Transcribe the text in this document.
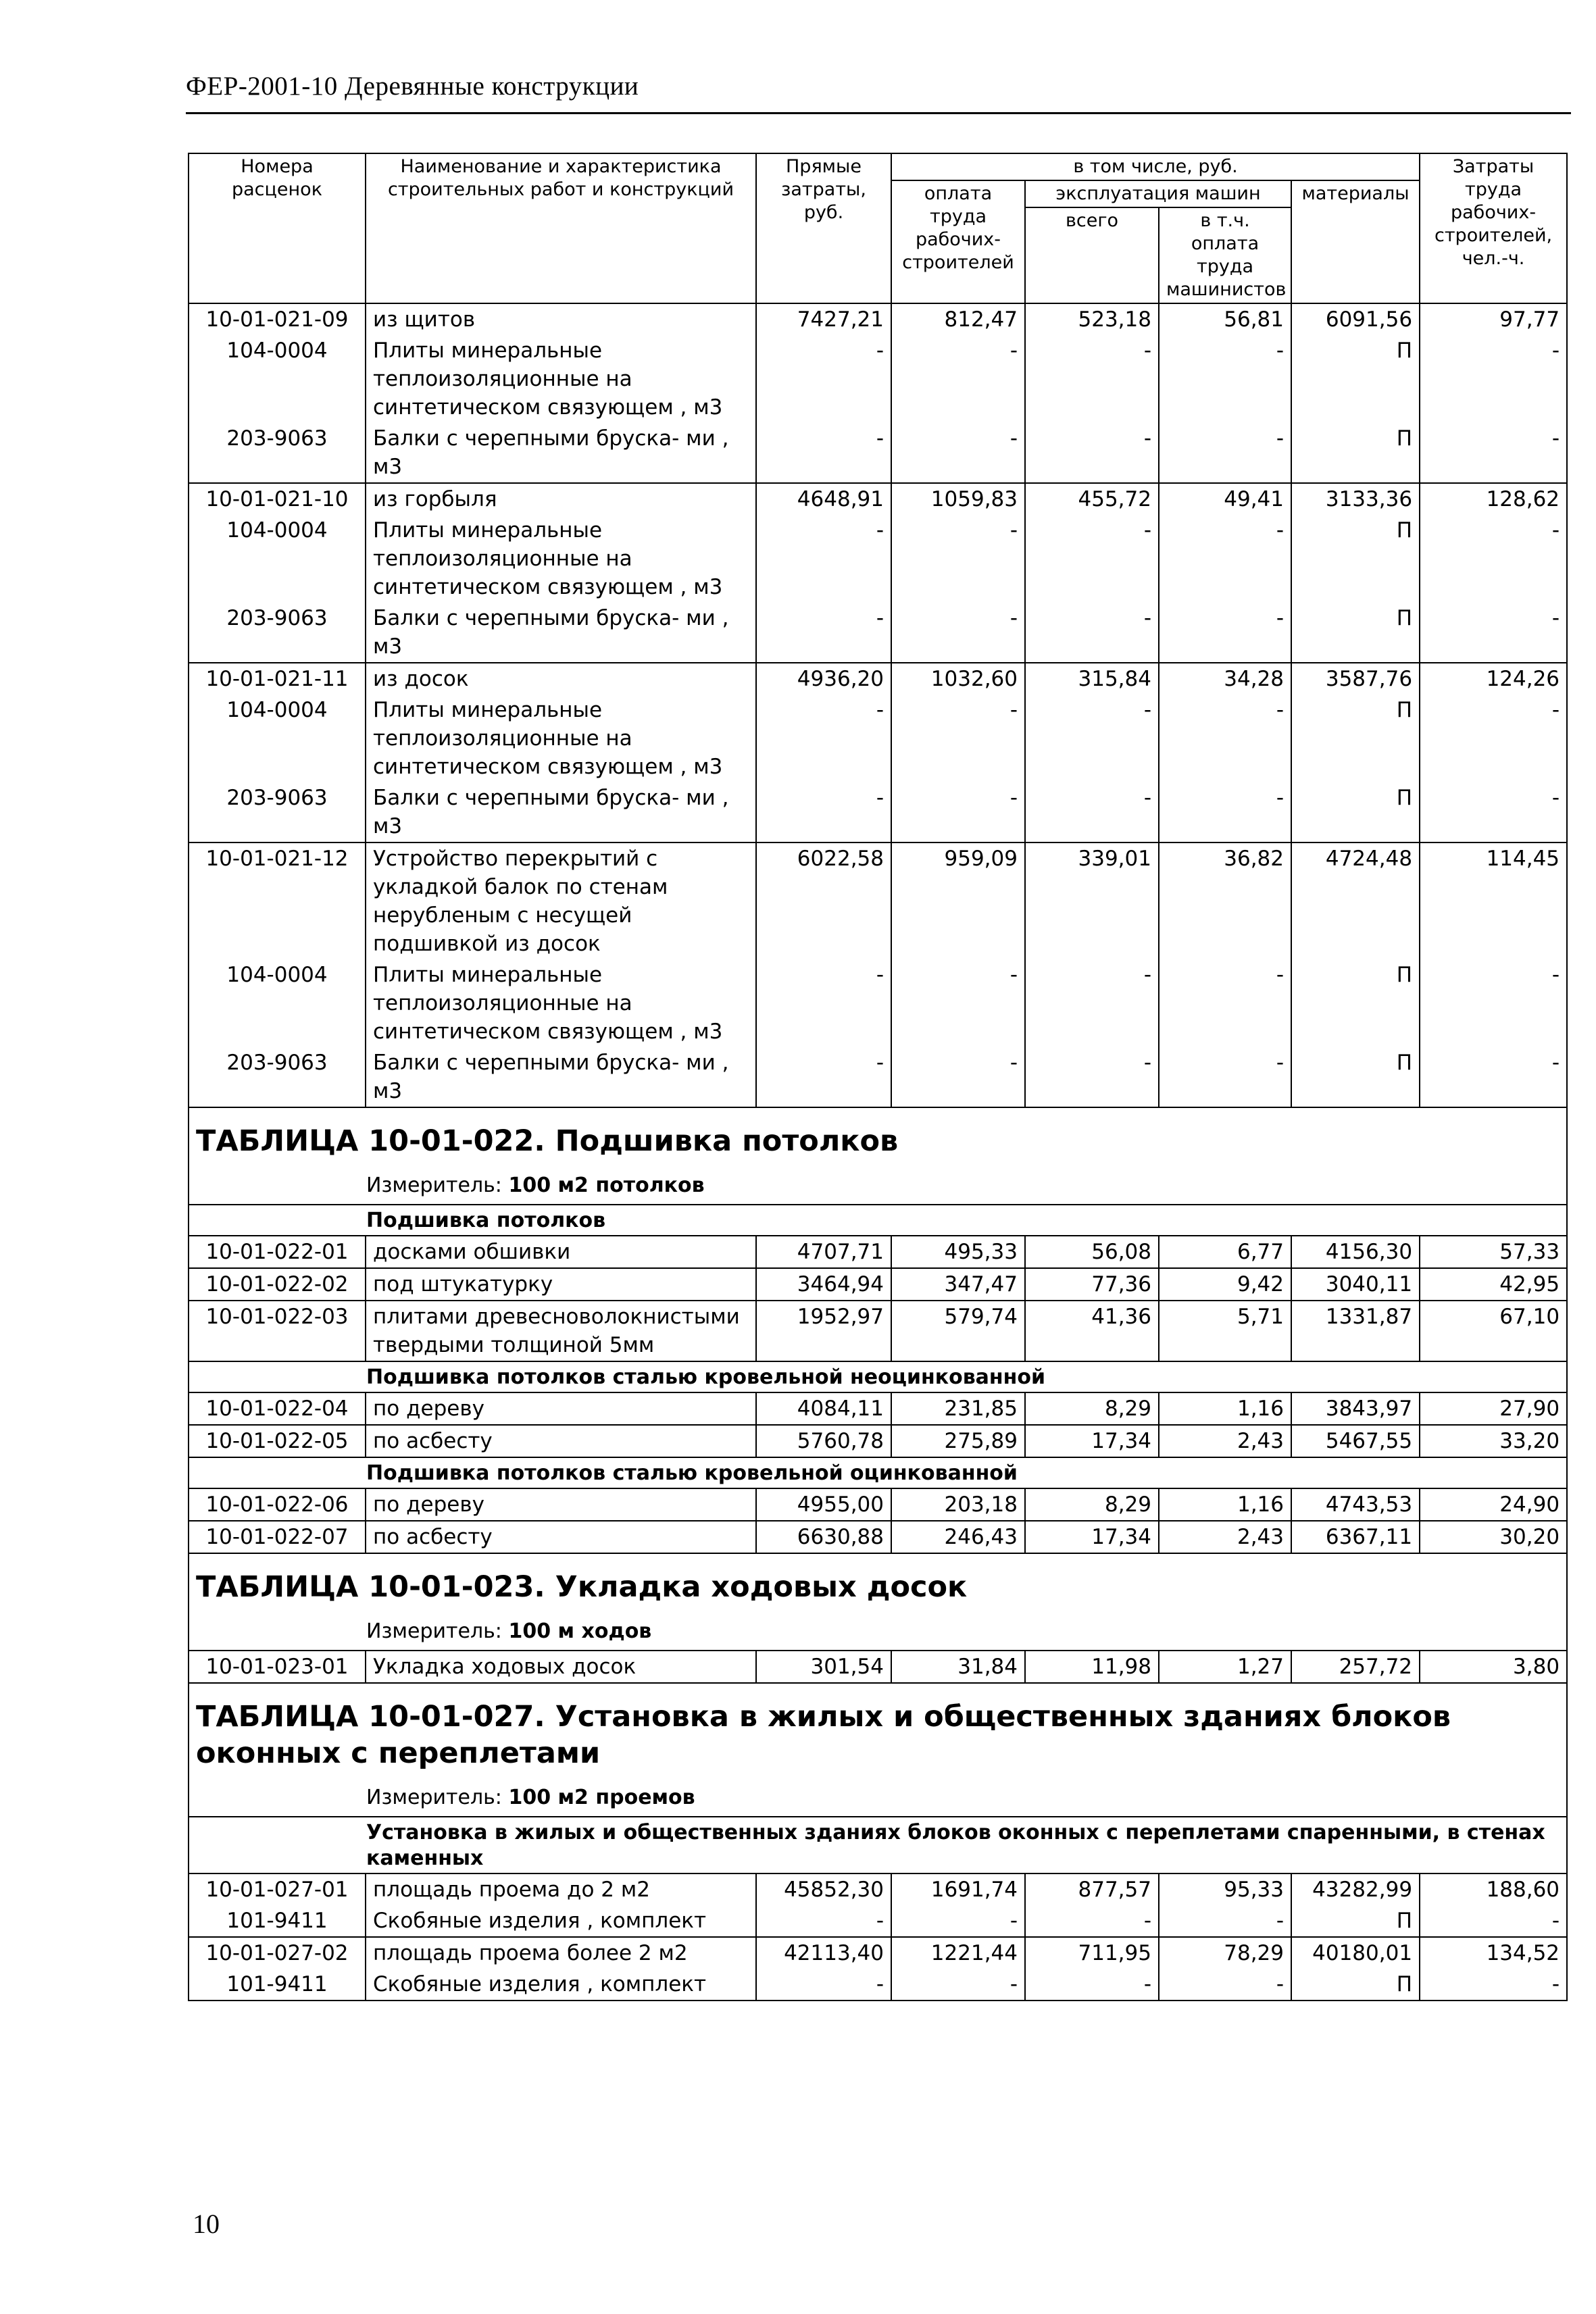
ФЕР-2001-10 Деревянные конструкции
Номера расценок	Наименование и характеристика строительных работ и конструкций	Прямые затраты, руб.	в том числе, руб.				Затраты труда рабочих-строителей, чел.-ч.
			оплата труда рабочих-строителей	эксплуатация машин		материалы	
				всего	в т.ч. оплата труда машинистов		
10-01-021-09	из щитов	7427,21	812,47	523,18	56,81	6091,56	97,77
104-0004	Плиты минеральные теплоизоляционные на синтетическом связующем , м3	-	-	-	-	П	-
203-9063	Балки с черепными бруска- ми , м3	-	-	-	-	П	-
10-01-021-10	из горбыля	4648,91	1059,83	455,72	49,41	3133,36	128,62
104-0004	Плиты минеральные теплоизоляционные на синтетическом связующем , м3	-	-	-	-	П	-
203-9063	Балки с черепными бруска- ми , м3	-	-	-	-	П	-
10-01-021-11	из досок	4936,20	1032,60	315,84	34,28	3587,76	124,26
104-0004	Плиты минеральные теплоизоляционные на синтетическом связующем , м3	-	-	-	-	П	-
203-9063	Балки с черепными бруска- ми , м3	-	-	-	-	П	-
10-01-021-12	Устройство перекрытий с укладкой балок по стенам нерубленым с несущей подшивкой из досок	6022,58	959,09	339,01	36,82	4724,48	114,45
104-0004	Плиты минеральные теплоизоляционные на синтетическом связующем , м3	-	-	-	-	П	-
203-9063	Балки с черепными бруска- ми , м3	-	-	-	-	П	-
ТАБЛИЦА 10-01-022. Подшивка потолков							
Измеритель: 100 м2 потолков							
Подшивка потолков							
10-01-022-01	досками обшивки	4707,71	495,33	56,08	6,77	4156,30	57,33
10-01-022-02	под штукатурку	3464,94	347,47	77,36	9,42	3040,11	42,95
10-01-022-03	плитами древесноволокнистыми твердыми толщиной 5мм	1952,97	579,74	41,36	5,71	1331,87	67,10
Подшивка потолков сталью кровельной неоцинкованной							
10-01-022-04	по дереву	4084,11	231,85	8,29	1,16	3843,97	27,90
10-01-022-05	по асбесту	5760,78	275,89	17,34	2,43	5467,55	33,20
Подшивка потолков сталью кровельной оцинкованной							
10-01-022-06	по дереву	4955,00	203,18	8,29	1,16	4743,53	24,90
10-01-022-07	по асбесту	6630,88	246,43	17,34	2,43	6367,11	30,20
ТАБЛИЦА 10-01-023. Укладка ходовых досок							
Измеритель: 100 м ходов							
10-01-023-01	Укладка ходовых досок	301,54	31,84	11,98	1,27	257,72	3,80
ТАБЛИЦА 10-01-027. Установка в жилых и общественных зданиях блоков оконных с переплетами							
Измеритель: 100 м2 проемов							
Установка в жилых и общественных зданиях блоков оконных с переплетами спаренными, в стенах каменных							
10-01-027-01	площадь проема до 2 м2	45852,30	1691,74	877,57	95,33	43282,99	188,60
101-9411	Скобяные изделия , комплект	-	-	-	-	П	-
10-01-027-02	площадь проема более 2 м2	42113,40	1221,44	711,95	78,29	40180,01	134,52
101-9411	Скобяные изделия , комплект	-	-	-	-	П	-
10
